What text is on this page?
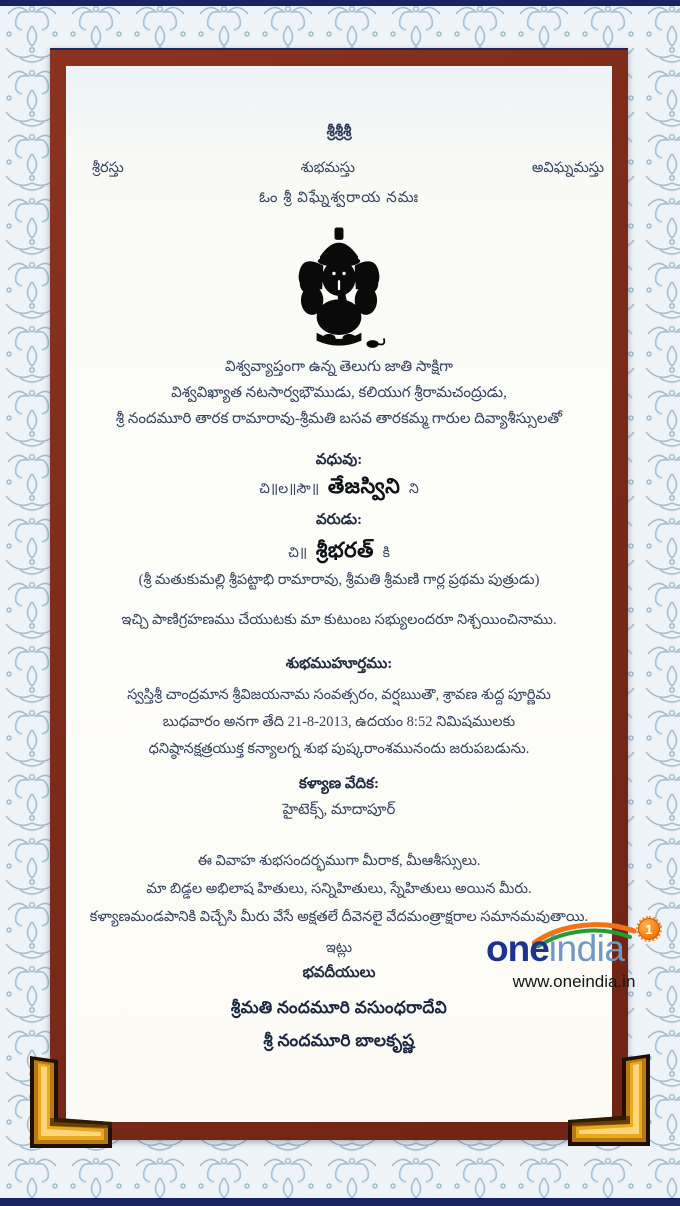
శ్రీశ్రీశ్రీ
శ్రీరస్తు	శుభమస్తు	అవిఘ్నమస్తు
ఓం శ్రీ విఘ్నేశ్వరాయ నమః
విశ్వవ్యాప్తంగా ఉన్న తెలుగు జాతి సాక్షిగా
విశ్వవిఖ్యాత నటసార్వభౌముడు, కలియుగ శ్రీరామచంద్రుడు,
శ్రీ నందమూరి తారక రామారావు-శ్రీమతి బసవ తారకమ్మ గారుల దివ్యాశీస్సులతో
వధువు:
చి॥ల॥సౌ॥ తేజస్విని ని
వరుడు:
చి॥ శ్రీభరత్ కి
(శ్రీ మతుకుమల్లి శ్రీపట్టాభి రామారావు, శ్రీమతి శ్రీమణి గార్ల ప్రథమ పుత్రుడు)
ఇచ్చి పాణిగ్రహణము చేయుటకు మా కుటుంబ సభ్యులందరూ నిశ్చయించినాము.
శుభముహూర్తము:
స్వస్తిశ్రీ చాంద్రమాన శ్రీవిజయనామ సంవత్సరం, వర్షఋతౌ, శ్రావణ శుద్ద పూర్ణిమ
బుధవారం అనగా తేది 21-8-2013, ఉదయం 8:52 నిమిషములకు
ధనిష్ఠానక్షత్రయుక్త కన్యాలగ్న శుభ పుష్కరాంశమునందు జరుపబడును.
కళ్యాణ వేదిక:
హైటెక్స్, మాదాపూర్
ఈ వివాహ శుభసందర్భముగా మీరాక, మీఆశీస్సులు.
మా బిడ్డల అభిలాష హితులు, సన్నిహితులు, స్నేహితులు అయిన మీరు.
కళ్యాణమండపానికి విచ్చేసి మీరు వేసే అక్షతలే దీవెనలై వేదమంత్రాక్షరాల సమానమవుతాయి.
ఇట్లు
భవదీయులు
శ్రీమతి నందమూరి వసుంధరాదేవి
శ్రీ నందమూరి బాలకృష్ణ
oneindia	1
www.oneindia.in
